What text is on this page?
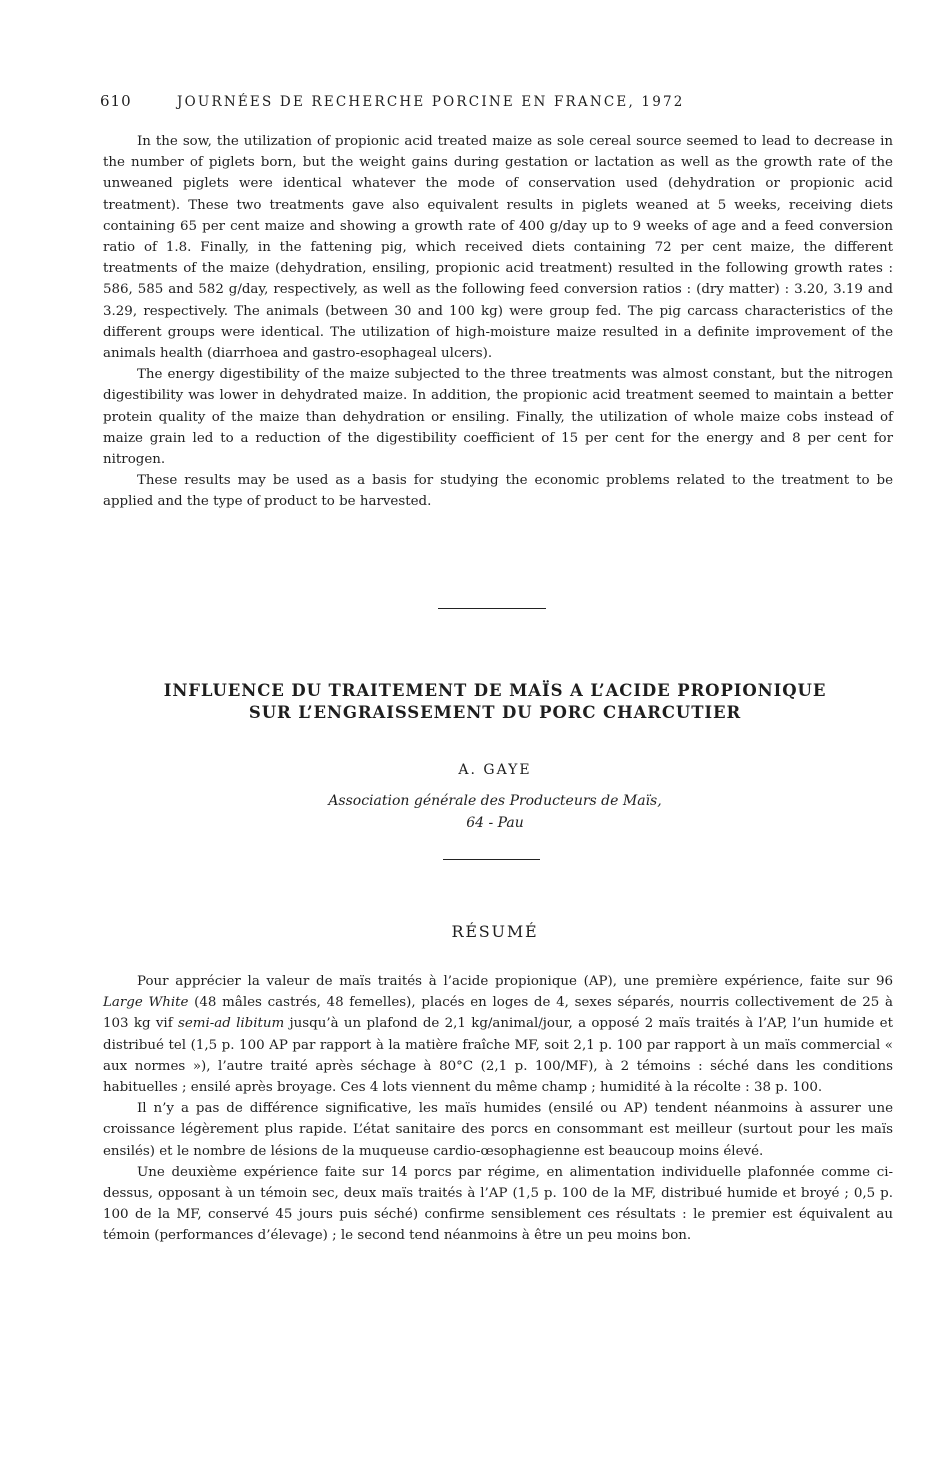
610	JOURNÉES DE RECHERCHE PORCINE EN FRANCE, 1972

In the sow, the utilization of propionic acid treated maize as sole cereal source seemed to lead to decrease in the number of piglets born, but the weight gains during gestation or lactation as well as the growth rate of the unweaned piglets were identical whatever the mode of conservation used (dehydration or propionic acid treatment). These two treatments gave also equivalent results in piglets weaned at 5 weeks, receiving diets containing 65 per cent maize and showing a growth rate of 400 g/day up to 9 weeks of age and a feed conversion ratio of 1.8. Finally, in the fattening pig, which received diets containing 72 per cent maize, the different treatments of the maize (dehydration, ensiling, propionic acid treatment) resulted in the following growth rates : 586, 585 and 582 g/day, respectively, as well as the following feed conversion ratios : (dry matter) : 3.20, 3.19 and 3.29, respectively. The animals (between 30 and 100 kg) were group fed. The pig carcass characteristics of the different groups were identical. The utilization of high-moisture maize resulted in a definite improvement of the animals health (diarrhoea and gastro-esophageal ulcers).

The energy digestibility of the maize subjected to the three treatments was almost constant, but the nitrogen digestibility was lower in dehydrated maize. In addition, the propionic acid treatment seemed to maintain a better protein quality of the maize than dehydration or ensiling. Finally, the utilization of whole maize cobs instead of maize grain led to a reduction of the digestibility coefficient of 15 per cent for the energy and 8 per cent for nitrogen.

These results may be used as a basis for studying the economic problems related to the treatment to be applied and the type of product to be harvested.

INFLUENCE DU TRAITEMENT DE MAÏS A L’ACIDE PROPIONIQUE
SUR L’ENGRAISSEMENT DU PORC CHARCUTIER
A. GAYE
Association générale des Producteurs de Maïs,
64 - Pau
RÉSUMÉ

Pour apprécier la valeur de maïs traités à l’acide propionique (AP), une première expérience, faite sur 96 Large White (48 mâles castrés, 48 femelles), placés en loges de 4, sexes séparés, nourris collectivement de 25 à 103 kg vif semi-ad libitum jusqu’à un plafond de 2,1 kg/animal/jour, a opposé 2 maïs traités à l’AP, l’un humide et distribué tel (1,5 p. 100 AP par rapport à la matière fraîche MF, soit 2,1 p. 100 par rapport à un maïs commercial « aux normes »), l’autre traité après séchage à 80°C (2,1 p. 100/MF), à 2 témoins : séché dans les conditions habituelles ; ensilé après broyage. Ces 4 lots viennent du même champ ; humidité à la récolte : 38 p. 100.

Il n’y a pas de différence significative, les maïs humides (ensilé ou AP) tendent néanmoins à assurer une croissance légèrement plus rapide. L’état sanitaire des porcs en consommant est meilleur (surtout pour les maïs ensilés) et le nombre de lésions de la muqueuse cardio-œsophagienne est beaucoup moins élevé.

Une deuxième expérience faite sur 14 porcs par régime, en alimentation individuelle plafonnée comme ci-dessus, opposant à un témoin sec, deux maïs traités à l’AP (1,5 p. 100 de la MF, distribué humide et broyé ; 0,5 p. 100 de la MF, conservé 45 jours puis séché) confirme sensiblement ces résultats : le premier est équivalent au témoin (performances d’élevage) ; le second tend néanmoins à être un peu moins bon.
